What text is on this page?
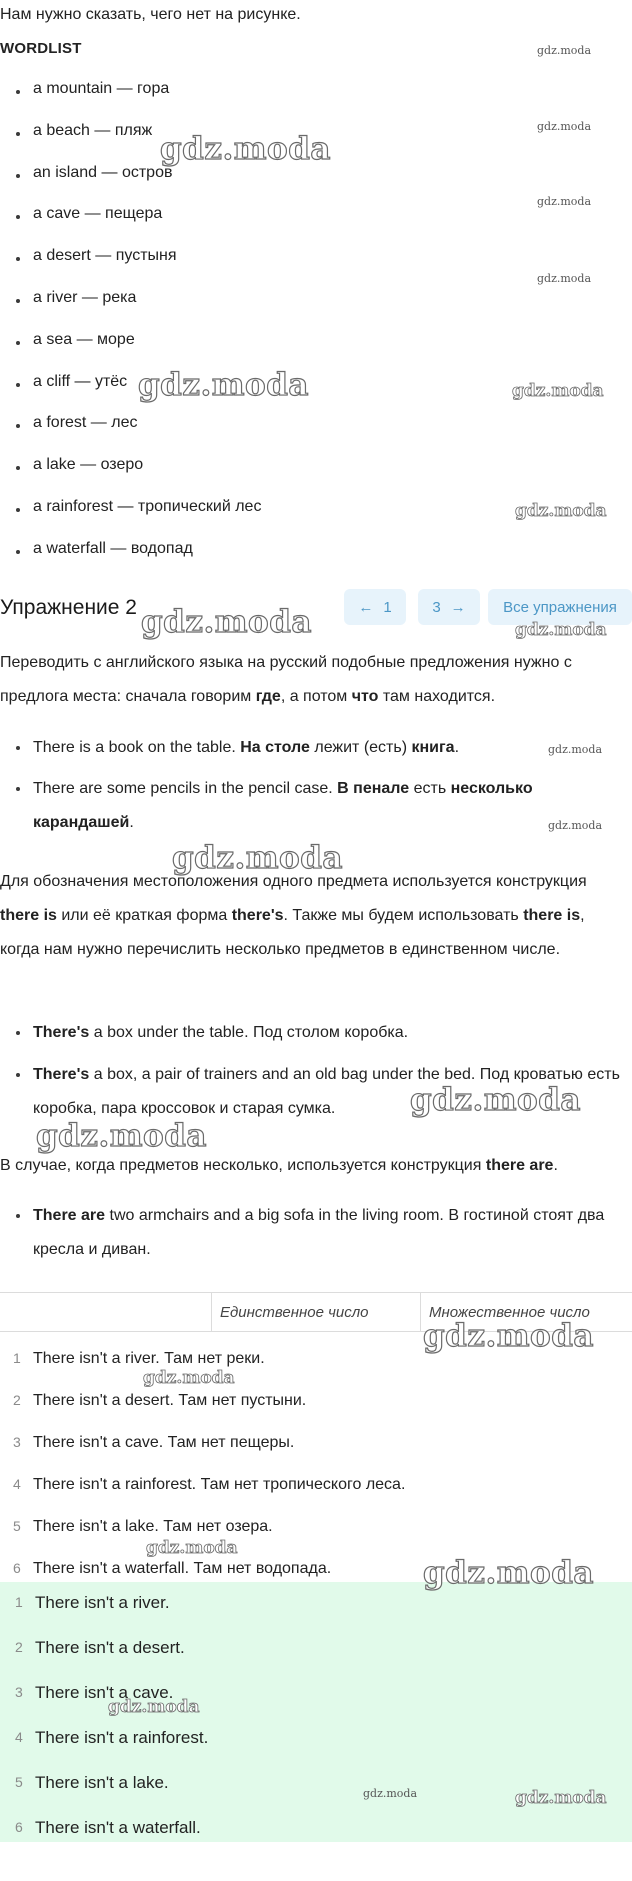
Нам нужно сказать, чего нет на рисунке.
WORDLIST
a mountain — гора
a beach — пляж
an island — остров
a cave — пещера
a desert — пустыня
a river — река
a sea — море
a cliff — утёс
a forest — лес
a lake — озеро
a rainforest — тропический лес
a waterfall — водопад
Упражнение 2	← 1	3 → Все упражнения
Переводить с английского языка на русский подобные предложения нужно с предлога места: сначала говорим где, а потом что там находится.
There is a book on the table. На столе лежит (есть) книга.
There are some pencils in the pencil case. В пенале есть несколько карандашей.
Для обозначения местоположения одного предмета используется конструкция there is или её краткая форма there's. Также мы будем использовать there is, когда нам нужно перечислить несколько предметов в единственном числе.
There's a box under the table. Под столом коробка.
There's a box, a pair of trainers and an old bag under the bed. Под кроватью есть коробка, пара кроссовок и старая сумка.
В случае, когда предметов несколько, используется конструкция there are.
There are two armchairs and a big sofa in the living room. В гостиной стоят два кресла и диван.
Единственное число	Множественное число
1 There isn't a river. Там нет реки.
2 There isn't a desert. Там нет пустыни.
3 There isn't a cave. Там нет пещеры.
4 There isn't a rainforest. Там нет тропического леса.
5 There isn't a lake. Там нет озера.
6 There isn't a waterfall. Там нет водопада.
1 There isn't a river.
2 There isn't a desert.
3 There isn't a cave.
4 There isn't a rainforest.
5 There isn't a lake.
6 There isn't a waterfall.
gdz.moda
gdz.moda
gdz.moda
gdz.moda
gdz.moda
gdz.moda	gdz.moda
gdz.moda
gdz.moda	gdz.moda
gdz.moda
gdz.moda
gdz.moda
gdz.moda
gdz.moda
gdz.moda
gdz.moda
gdz.moda
gdz.moda
gdz.moda
gdz.moda	gdz.moda
